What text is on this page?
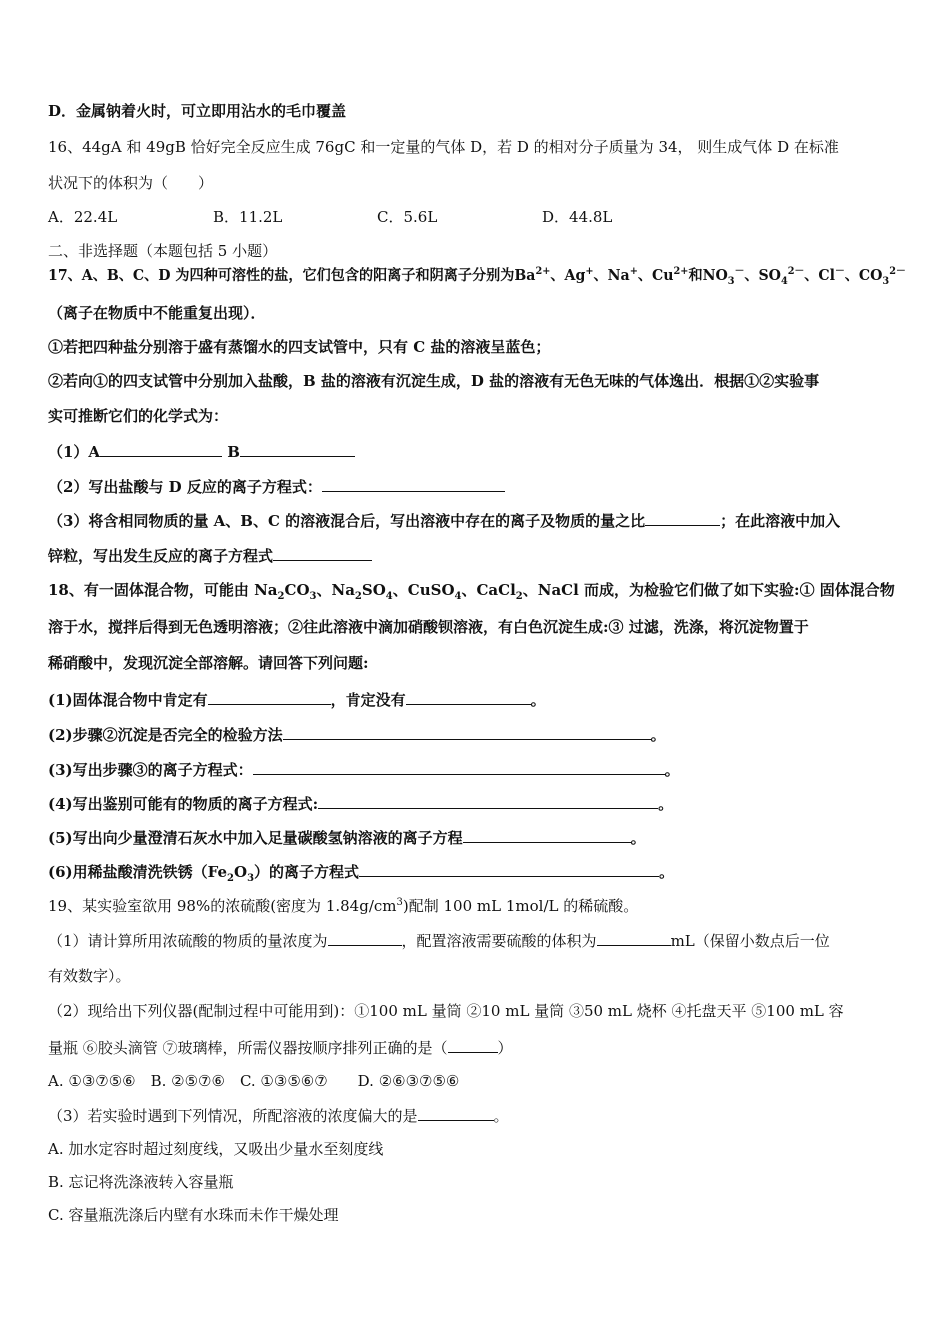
D．金属钠着火时，可立即用沾水的毛巾覆盖
16、44gA 和 49gB 恰好完全反应生成 76gC 和一定量的气体 D，若 D 的相对分子质量为 34， 则生成气体 D 在标准
状况下的体积为（　　）
A．22.4L	B．11.2L	C．5.6L	D．44.8L
二、非选择题（本题包括 5 小题）
17、A、B、C、D 为四种可溶性的盐，它们包含的阳离子和阴离子分别为$Ba^{2+}$、Ag+、Na+、$Cu^{2+}$和$NO_3^-$、$SO_4^{2-}$、Cl－、$CO_3^{2-}$
（离子在物质中不能重复出现）．
①若把四种盐分别溶于盛有蒸馏水的四支试管中，只有 C 盐的溶液呈蓝色；
②若向①的四支试管中分别加入盐酸，B 盐的溶液有沉淀生成，D 盐的溶液有无色无味的气体逸出．根据①②实验事
实可推断它们的化学式为：
（1）A	B
（2）写出盐酸与 D 反应的离子方程式：
（3）将含相同物质的量 A、B、C 的溶液混合后，写出溶液中存在的离子及物质的量之比	；在此溶液中加入
锌粒，写出发生反应的离子方程式
18、有一固体混合物，可能由 $Na_2CO_3$、$Na_2SO_4$、CuSO$_4$、CaCl$_2$、NaCl 而成，为检验它们做了如下实验:① 固体混合物
溶于水，搅拌后得到无色透明溶液；②往此溶液中滴加硝酸钡溶液，有白色沉淀生成:③ 过滤，洗涤，将沉淀物置于
稀硝酸中，发现沉淀全部溶解。请回答下列问题:
(1)固体混合物中肯定有	，肯定没有	。
(2)步骤②沉淀是否完全的检验方法	。
(3)写出步骤③的离子方程式：	。
(4)写出鉴别可能有的物质的离子方程式:	。
(5)写出向少量澄清石灰水中加入足量碳酸氢钠溶液的离子方程	。
(6)用稀盐酸清洗铁锈$(Fe_2O_3)$的离子方程式	。
19、某实验室欲用 98%的浓硫酸(密度为 $1.84g/cm^3$)配制 100 mL 1mol/L 的稀硫酸。
（1）请计算所用浓硫酸的物质的量浓度为	，配置溶液需要硫酸的体积为	mL（保留小数点后一位
有效数字）。
（2）现给出下列仪器(配制过程中可能用到)：①100 mL 量筒 ②10 mL 量筒 ③50 mL 烧杯 ④托盘天平 ⑤100 mL 容
量瓶 ⑥胶头滴管 ⑦玻璃棒，所需仪器按顺序排列正确的是（	）
A. ①③⑦⑤⑥　B. ②⑤⑦⑥　C. ①③⑤⑥⑦　　D. ②⑥③⑦⑤⑥
（3）若实验时遇到下列情况，所配溶液的浓度偏大的是	。
A. 加水定容时超过刻度线，又吸出少量水至刻度线
B. 忘记将洗涤液转入容量瓶
C. 容量瓶洗涤后内壁有水珠而未作干燥处理
